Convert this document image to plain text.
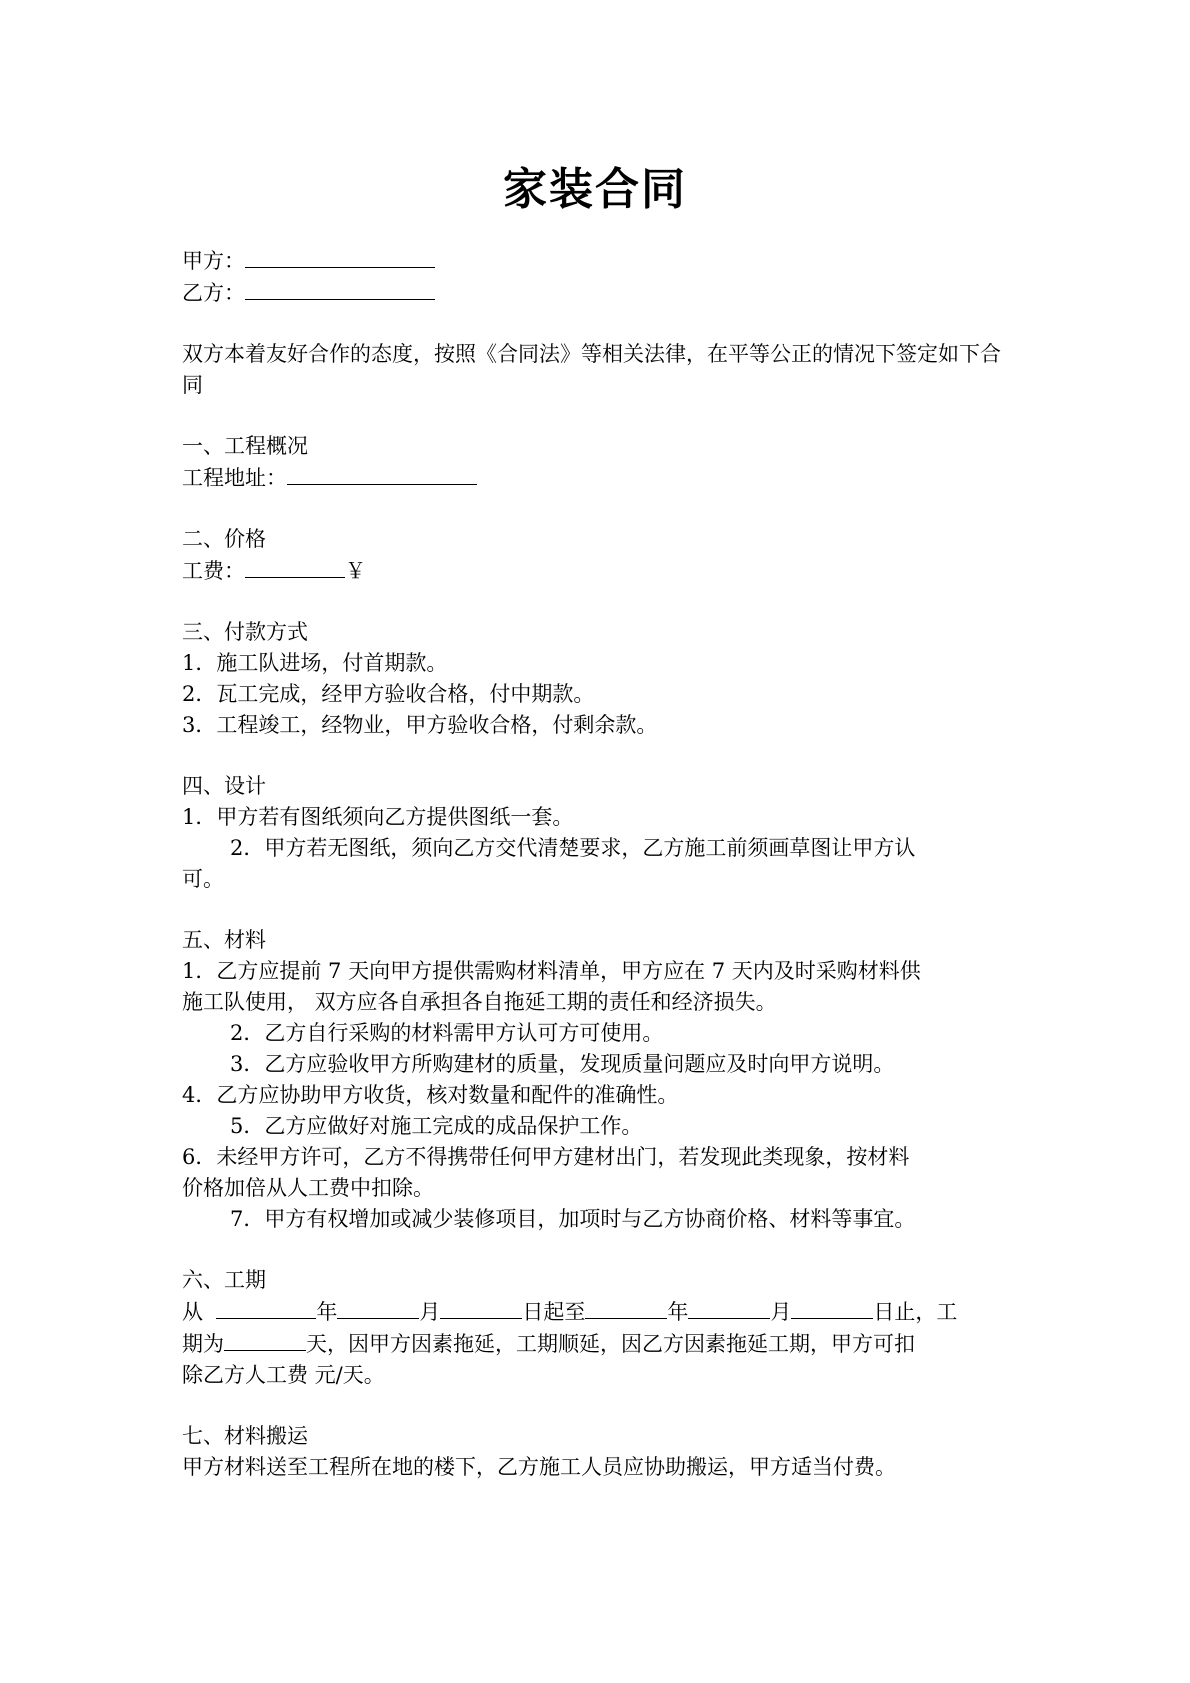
家装合同
甲方：
乙方：
双方本着友好合作的态度，按照《合同法》等相关法律，在平等公正的情况下签定如下合同
一、工程概况
工程地址：
二、价格
工费：	￥
三、付款方式
1．施工队进场，付首期款。
2．瓦工完成，经甲方验收合格，付中期款。
3．工程竣工，经物业，甲方验收合格，付剩余款。
四、设计
1．甲方若有图纸须向乙方提供图纸一套。
2．甲方若无图纸，须向乙方交代清楚要求，乙方施工前须画草图让甲方认
可。
五、材料
1．乙方应提前 7 天向甲方提供需购材料清单，甲方应在 7 天内及时采购材料供
施工队使用， 双方应各自承担各自拖延工期的责任和经济损失。
2．乙方自行采购的材料需甲方认可方可使用。
3．乙方应验收甲方所购建材的质量，发现质量问题应及时向甲方说明。
4．乙方应协助甲方收货，核对数量和配件的准确性。
5．乙方应做好对施工完成的成品保护工作。
6．未经甲方许可，乙方不得携带任何甲方建材出门，若发现此类现象，按材料
价格加倍从人工费中扣除。
7．甲方有权增加或减少装修项目，加项时与乙方协商价格、材料等事宜。
六、工期
从	年	月	日起至	年	月	日止，工
期为	天，因甲方因素拖延，工期顺延，因乙方因素拖延工期，甲方可扣
除乙方人工费 元/天。
七、材料搬运
甲方材料送至工程所在地的楼下，乙方施工人员应协助搬运，甲方适当付费。
